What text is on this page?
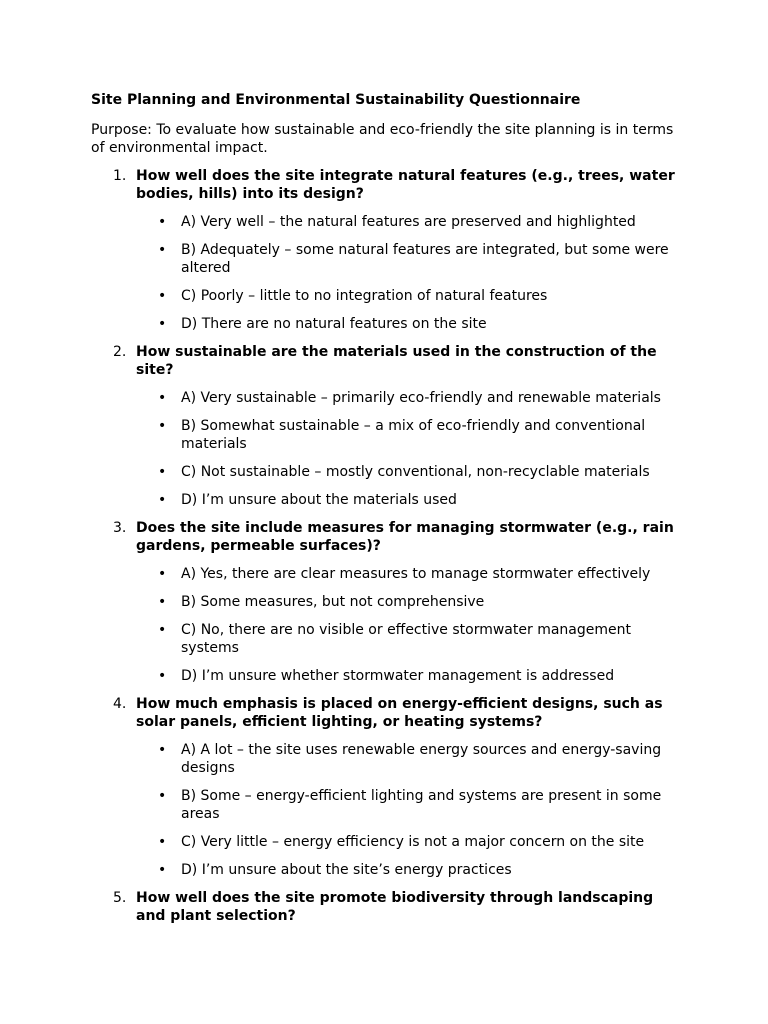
Site Planning and Environmental Sustainability Questionnaire

Purpose: To evaluate how sustainable and eco-friendly the site planning is in terms of environmental impact.

1. How well does the site integrate natural features (e.g., trees, water bodies, hills) into its design?
• A) Very well – the natural features are preserved and highlighted
• B) Adequately – some natural features are integrated, but some were altered
• C) Poorly – little to no integration of natural features
• D) There are no natural features on the site
2. How sustainable are the materials used in the construction of the site?
• A) Very sustainable – primarily eco-friendly and renewable materials
• B) Somewhat sustainable – a mix of eco-friendly and conventional materials
• C) Not sustainable – mostly conventional, non-recyclable materials
• D) I’m unsure about the materials used
3. Does the site include measures for managing stormwater (e.g., rain gardens, permeable surfaces)?
• A) Yes, there are clear measures to manage stormwater effectively
• B) Some measures, but not comprehensive
• C) No, there are no visible or effective stormwater management systems
• D) I’m unsure whether stormwater management is addressed
4. How much emphasis is placed on energy-efficient designs, such as solar panels, efficient lighting, or heating systems?
• A) A lot – the site uses renewable energy sources and energy-saving designs
• B) Some – energy-efficient lighting and systems are present in some areas
• C) Very little – energy efficiency is not a major concern on the site
• D) I’m unsure about the site’s energy practices
5. How well does the site promote biodiversity through landscaping and plant selection?
